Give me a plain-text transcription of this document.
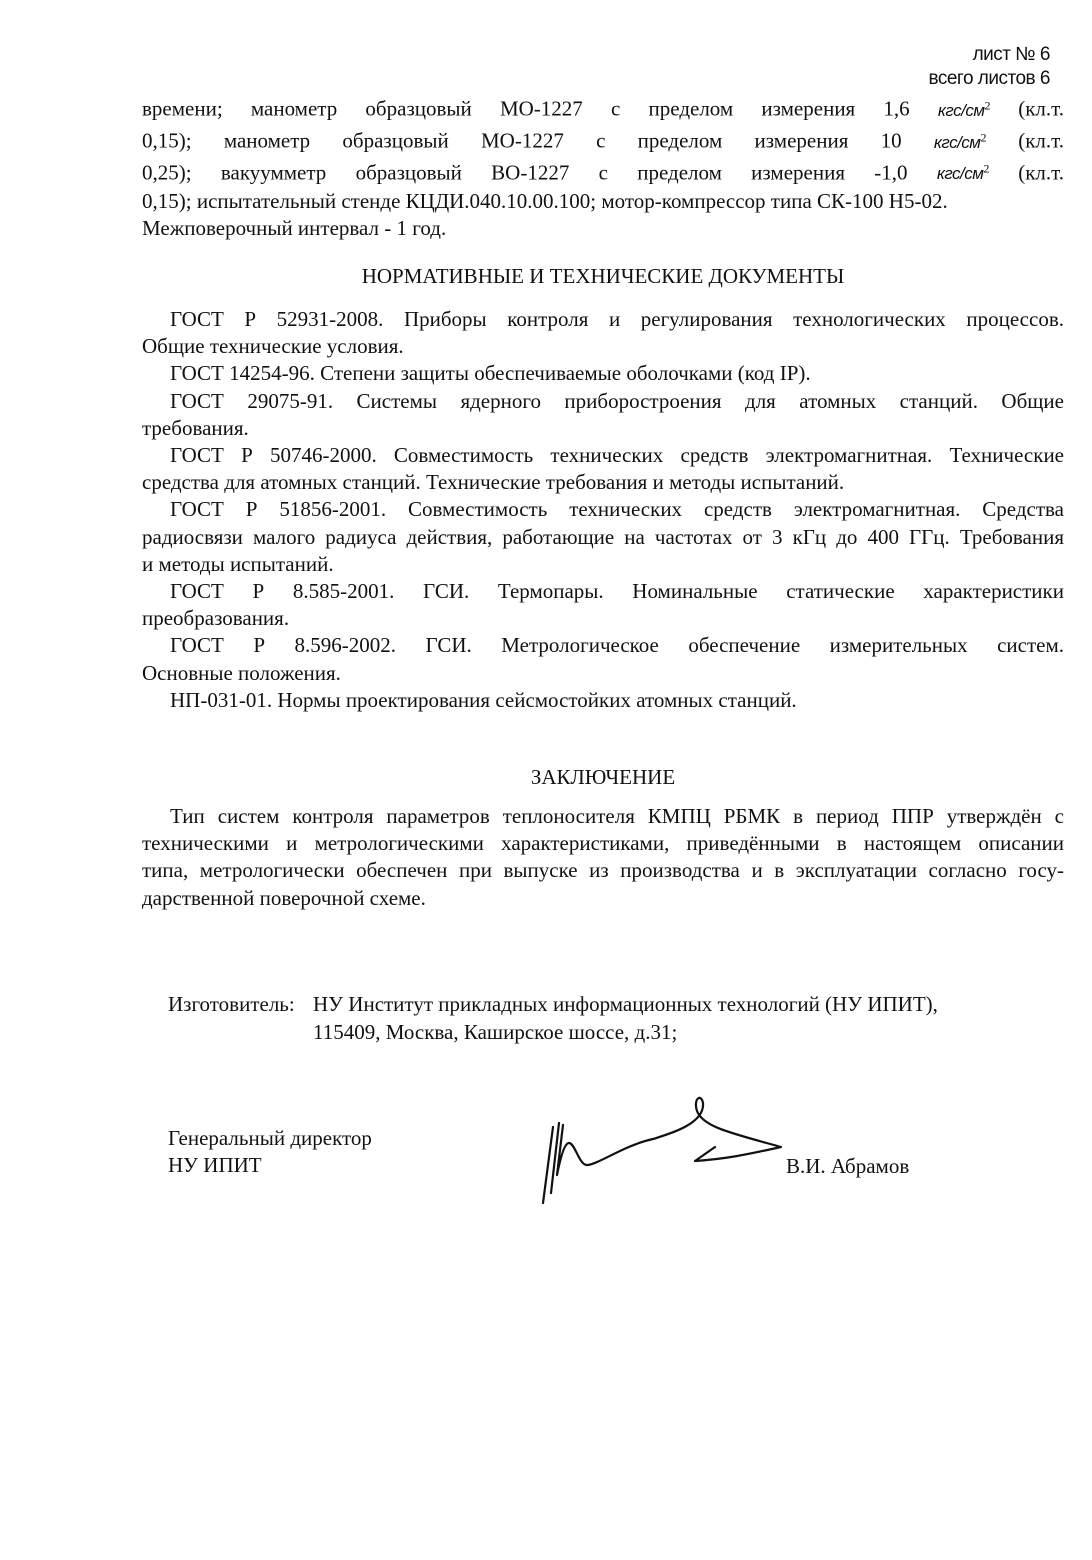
лист № 6
всего листов 6
времени; манометр образцовый МО-1227 с пределом измерения 1,6 кгс/$см^2$ (кл.т.
0,15); манометр образцовый МО-1227 с пределом измерения 10 кгс/$см^2$ (кл.т.
0,25); вакуумметр образцовый ВО-1227 с пределом измерения -1,0 кгс/$см^2$ (кл.т.
0,15); испытательный стенде КЦДИ.040.10.00.100; мотор-компрессор типа СК-100 Н5-02.
Межповерочный интервал - 1 год.
НОРМАТИВНЫЕ И ТЕХНИЧЕСКИЕ ДОКУМЕНТЫ
ГОСТ Р 52931-2008. Приборы контроля и регулирования технологических процессов.
Общие технические условия.
ГОСТ 14254-96. Степени защиты обеспечиваемые оболочками (код IP).
ГОСТ 29075-91. Системы ядерного приборостроения для атомных станций. Общие
требования.
ГОСТ Р 50746-2000. Совместимость технических средств электромагнитная. Технические
средства для атомных станций. Технические требования и методы испытаний.
ГОСТ Р 51856-2001. Совместимость технических средств электромагнитная. Средства
радиосвязи малого радиуса действия, работающие на частотах от 3 кГц до 400 ГГц. Требования
и методы испытаний.
ГОСТ Р 8.585-2001. ГСИ. Термопары. Номинальные статические характеристики
преобразования.
ГОСТ Р 8.596-2002. ГСИ. Метрологическое обеспечение измерительных систем.
Основные положения.
НП-031-01. Нормы проектирования сейсмостойких атомных станций.
ЗАКЛЮЧЕНИЕ
Тип систем контроля параметров теплоносителя КМПЦ РБМК в период ППР утверждён с
техническими и метрологическими характеристиками, приведёнными в настоящем описании
типа, метрологически обеспечен при выпуске из производства и в эксплуатации согласно госу-
дарственной поверочной схеме.
Изготовитель: НУ Институт прикладных информационных технологий (НУ ИПИТ),
115409, Москва, Каширское шоссе, д.31;
Генеральный директор
НУ ИПИТ	В.И. Абрамов
